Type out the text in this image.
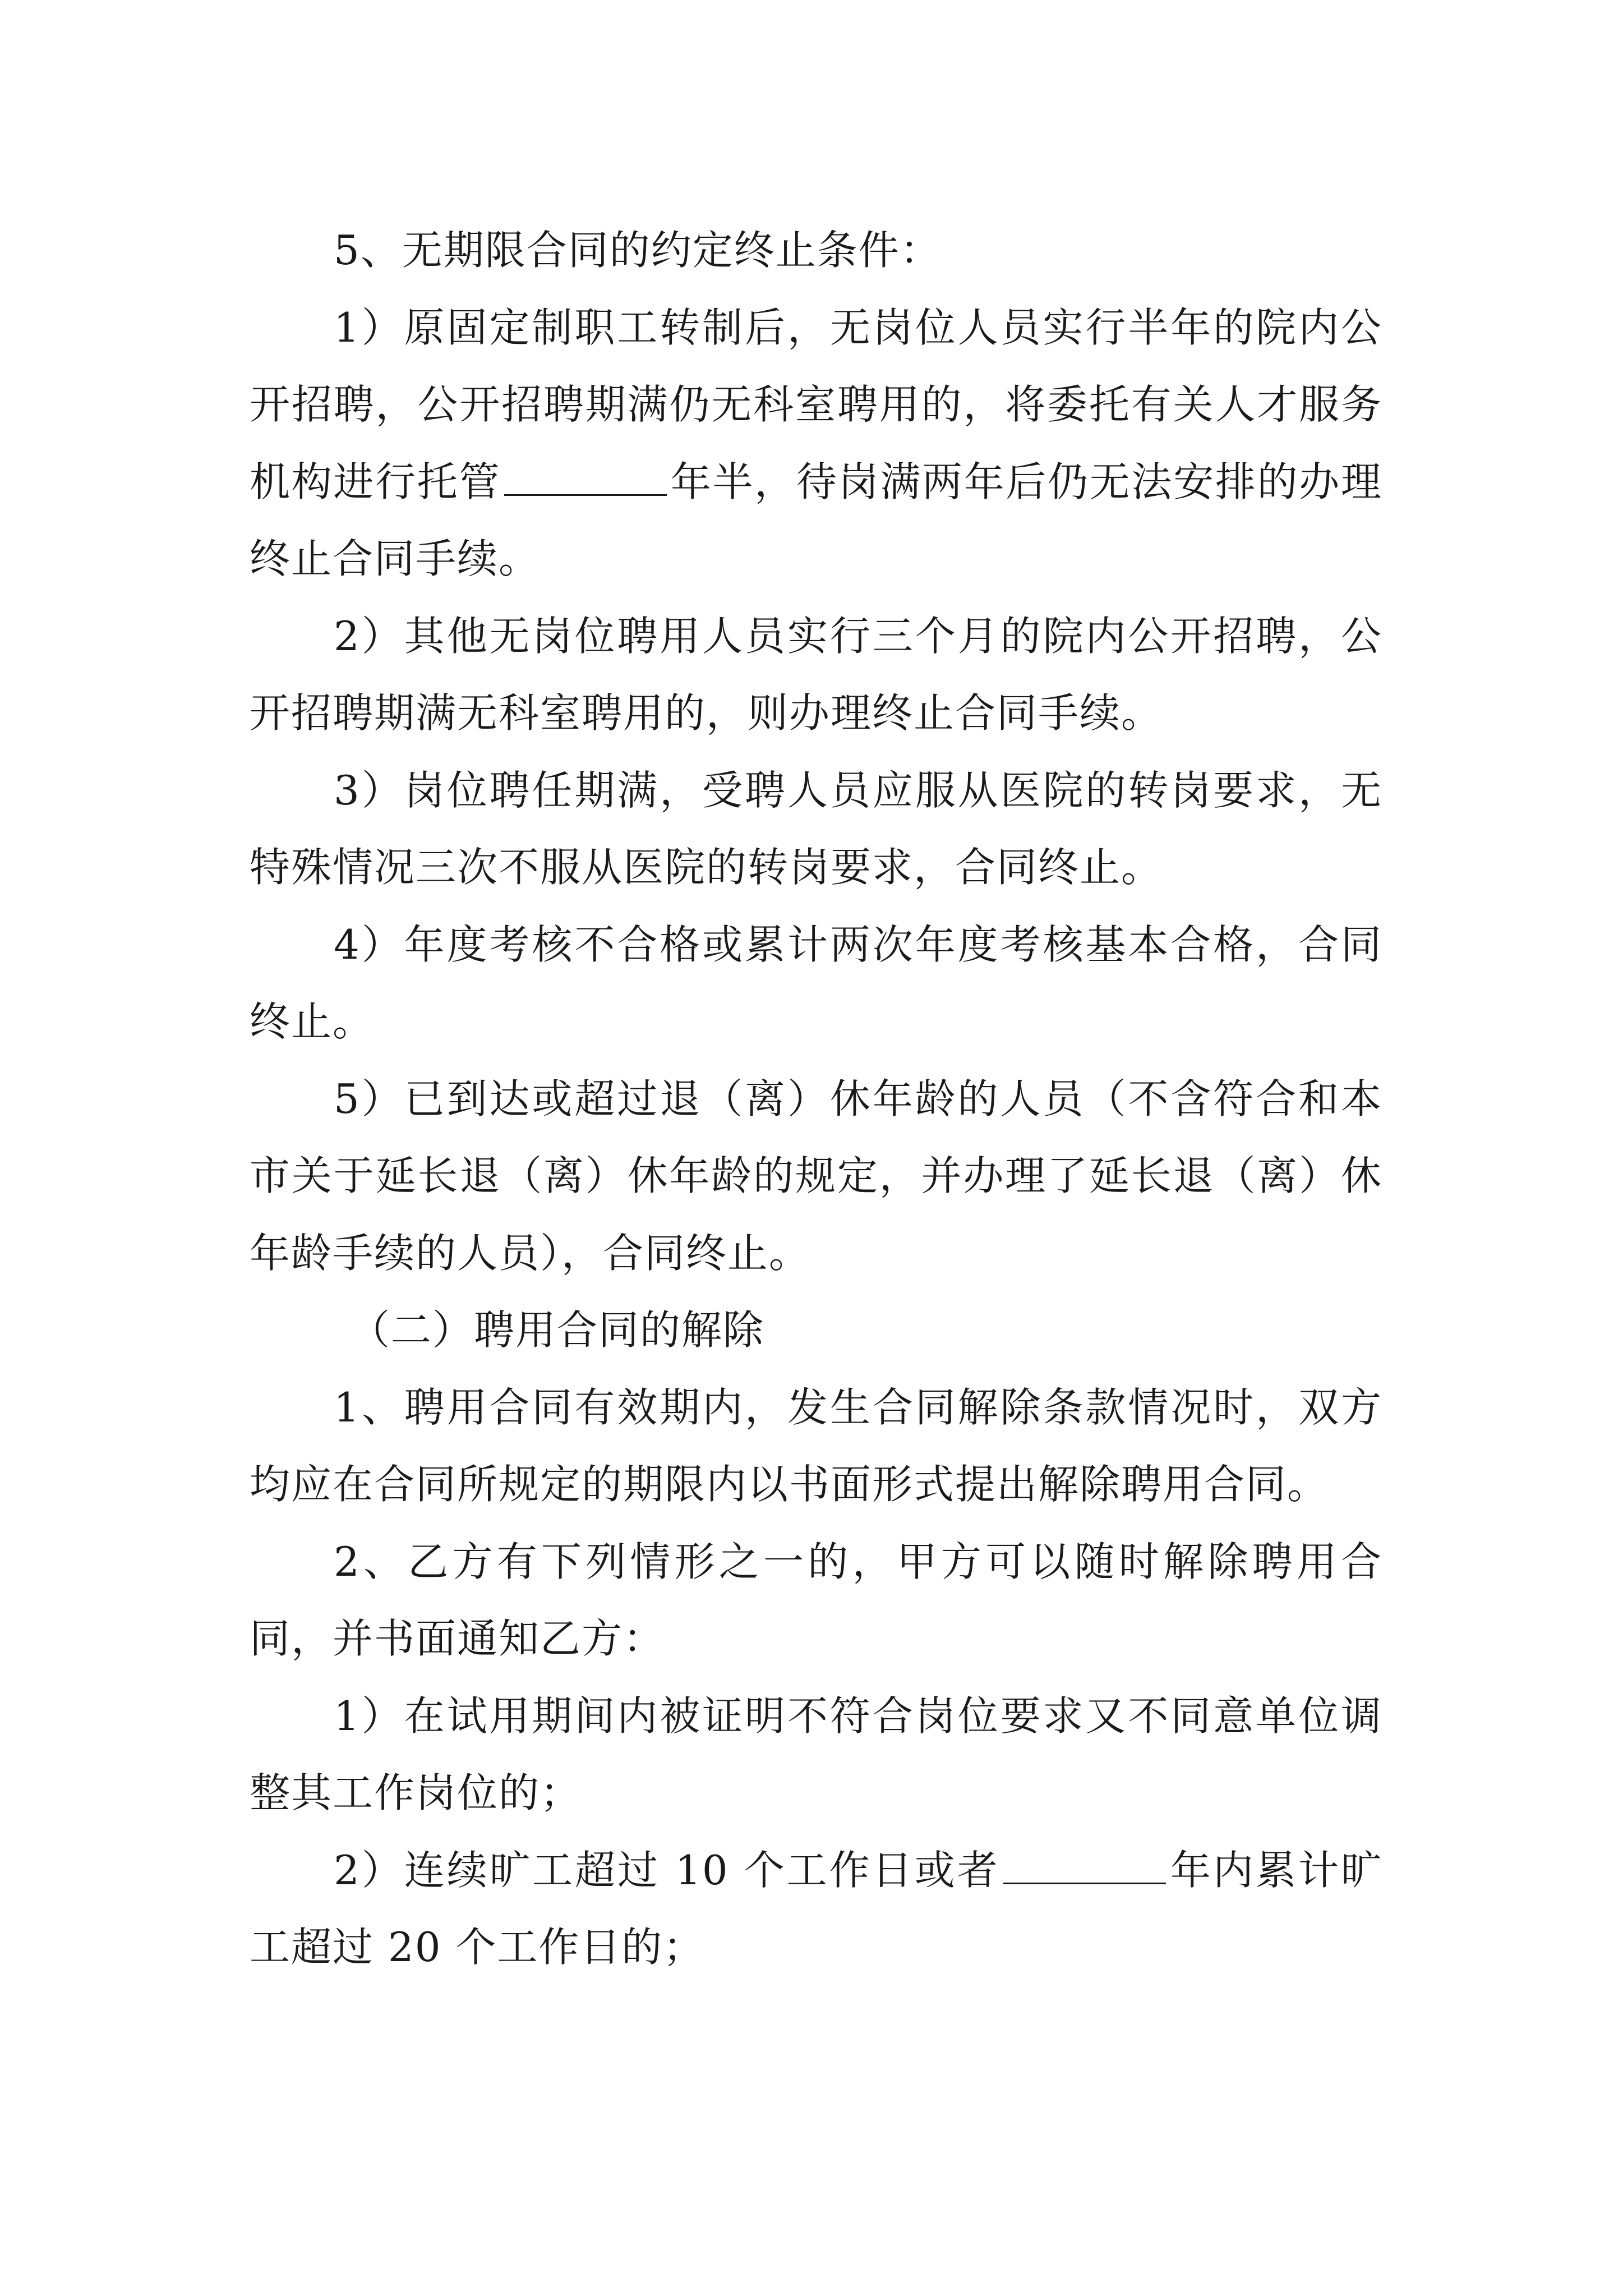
5、无期限合同的约定终止条件：

1）原固定制职工转制后，无岗位人员实行半年的院内公开招聘，公开招聘期满仍无科室聘用的，将委托有关人才服务机构进行托管	年半，待岗满两年后仍无法安排的办理终止合同手续。

2）其他无岗位聘用人员实行三个月的院内公开招聘，公开招聘期满无科室聘用的，则办理终止合同手续。

3）岗位聘任期满，受聘人员应服从医院的转岗要求，无特殊情况三次不服从医院的转岗要求，合同终止。

4）年度考核不合格或累计两次年度考核基本合格，合同终止。

5）已到达或超过退（离）休年龄的人员（不含符合和本市关于延长退（离）休年龄的规定，并办理了延长退（离）休年龄手续的人员），合同终止。

（二）聘用合同的解除

1、聘用合同有效期内，发生合同解除条款情况时，双方均应在合同所规定的期限内以书面形式提出解除聘用合同。

2、乙方有下列情形之一的，甲方可以随时解除聘用合同，并书面通知乙方：

1）在试用期间内被证明不符合岗位要求又不同意单位调整其工作岗位的；

2）连续旷工超过 10 个工作日或者	年内累计旷工超过 20 个工作日的；
